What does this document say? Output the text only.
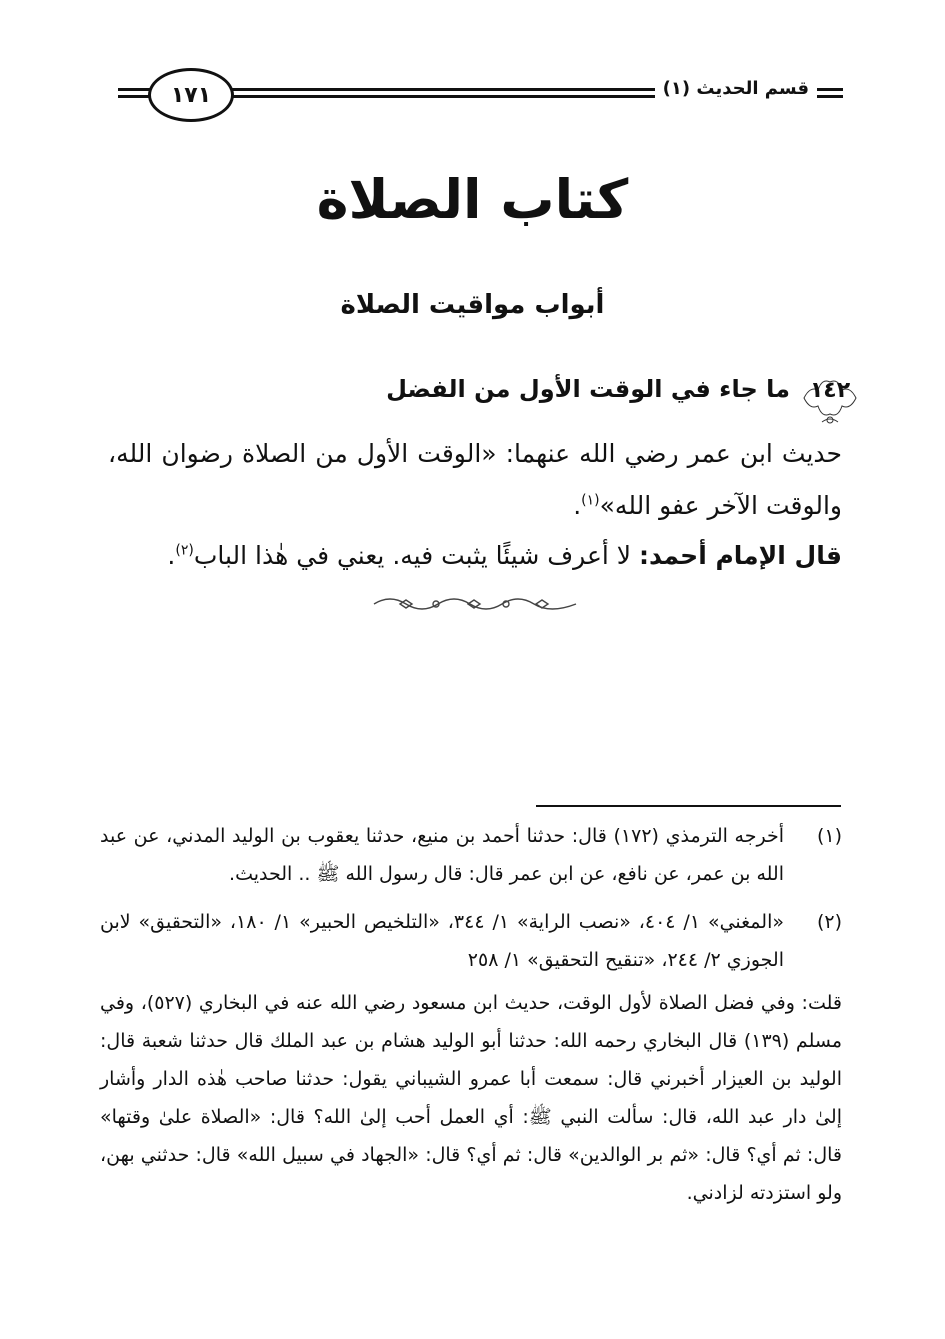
قسم الحديث (١)
١٧١
كتاب الصلاة
أبواب مواقيت الصلاة
١٤٢
ما جاء في الوقت الأول من الفضل
حديث ابن عمر رضي الله عنهما: «الوقت الأول من الصلاة رضوان الله، والوقت الآخر عفو الله»$^{(١)}$.
قال الإمام أحمد: لا أعرف شيئًا يثبت فيه. يعني في هٰذا الباب$^{(٢)}$.
(١)
أخرجه الترمذي (١٧٢) قال: حدثنا أحمد بن منيع، حدثنا يعقوب بن الوليد المدني، عن عبد الله بن عمر، عن نافع، عن ابن عمر قال: قال رسول الله ﷺ .. الحديث.
(٢)
«المغني» ١/ ٤٠٤، «نصب الراية» ١/ ٣٤٤، «التلخيص الحبير» ١/ ١٨٠، «التحقيق» لابن الجوزي ٢/ ٢٤٤، «تنقيح التحقيق» ١/ ٢٥٨
قلت: وفي فضل الصلاة لأول الوقت، حديث ابن مسعود رضي الله عنه في البخاري (٥٢٧)، وفي مسلم (١٣٩) قال البخاري رحمه الله: حدثنا أبو الوليد هشام بن عبد الملك قال حدثنا شعبة قال: الوليد بن العيزار أخبرني قال: سمعت أبا عمرو الشيباني يقول: حدثنا صاحب هٰذه الدار وأشار إلىٰ دار عبد الله، قال: سألت النبي ﷺ: أي العمل أحب إلىٰ الله؟ قال: «الصلاة علىٰ وقتها» قال: ثم أي؟ قال: «ثم بر الوالدين» قال: ثم أي؟ قال: «الجهاد في سبيل الله» قال: حدثني بهن، ولو استزدته لزادني.
